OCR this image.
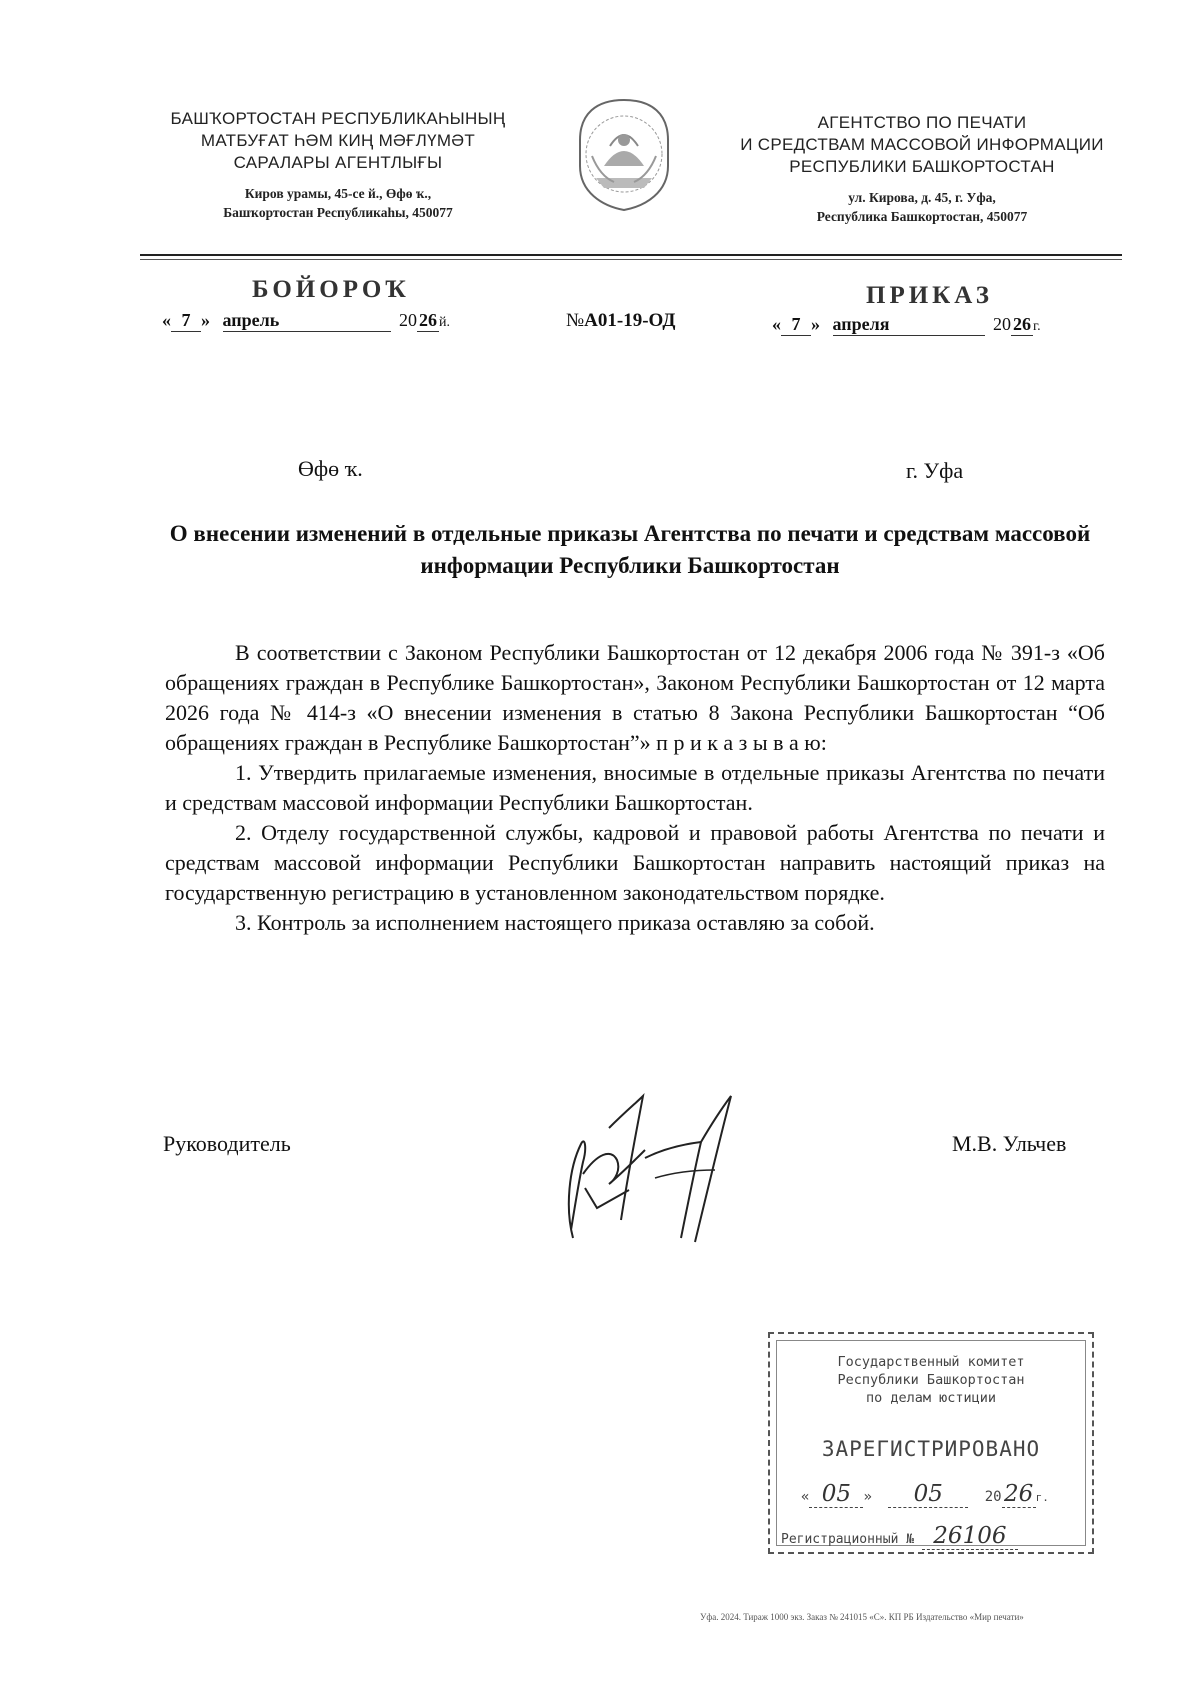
БАШҠОРТОСТАН РЕСПУБЛИКАҺЫНЫҢ
МАТБУҒАТ ҺӘМ КИҢ МӘҒЛҮМӘТ
САРАЛАРЫ АГЕНТЛЫҒЫ
Киров урамы, 45-се й., Өфө ҡ.,
Башҡортостан Республикаһы, 450077
АГЕНТСТВО ПО ПЕЧАТИ
И СРЕДСТВАМ МАССОВОЙ ИНФОРМАЦИИ
РЕСПУБЛИКИ БАШКОРТОСТАН
ул. Кирова, д. 45, г. Уфа,
Республика Башкортостан, 450077
БОЙОРОҠ	ПРИКАЗ
« 7 » апрель	20 26 й.	№А01-19-ОД	« 7 » апреля	20 26 г.
Өфө ҡ.	г. Уфа
О внесении изменений в отдельные приказы Агентства по печати и средствам массовой информации Республики Башкортостан

В соответствии с Законом Республики Башкортостан от 12 декабря 2006 года № 391-з «Об обращениях граждан в Республике Башкортостан», Законом Республики Башкортостан от 12 марта 2026 года № 414-з «О внесении изменения в статью 8 Закона Республики Башкортостан “Об обращениях граждан в Республике Башкортостан”» п р и к а з ы в а ю:

1. Утвердить прилагаемые изменения, вносимые в отдельные приказы Агентства по печати и средствам массовой информации Республики Башкортостан.

2. Отделу государственной службы, кадровой и правовой работы Агентства по печати и средствам массовой информации Республики Башкортостан направить настоящий приказ на государственную регистрацию в установленном законодательством порядке.

3. Контроль за исполнением настоящего приказа оставляю за собой.

Руководитель	М.В. Ульчев
Государственный комитет
Республики Башкортостан
по делам юстиции
ЗАРЕГИСТРИРОВАНО
« 05 » 05	20 26 г.
Регистрационный № 26106
Уфа. 2024. Тираж 1000 экз. Заказ № 241015 «С». КП РБ Издательство «Мир печати»
